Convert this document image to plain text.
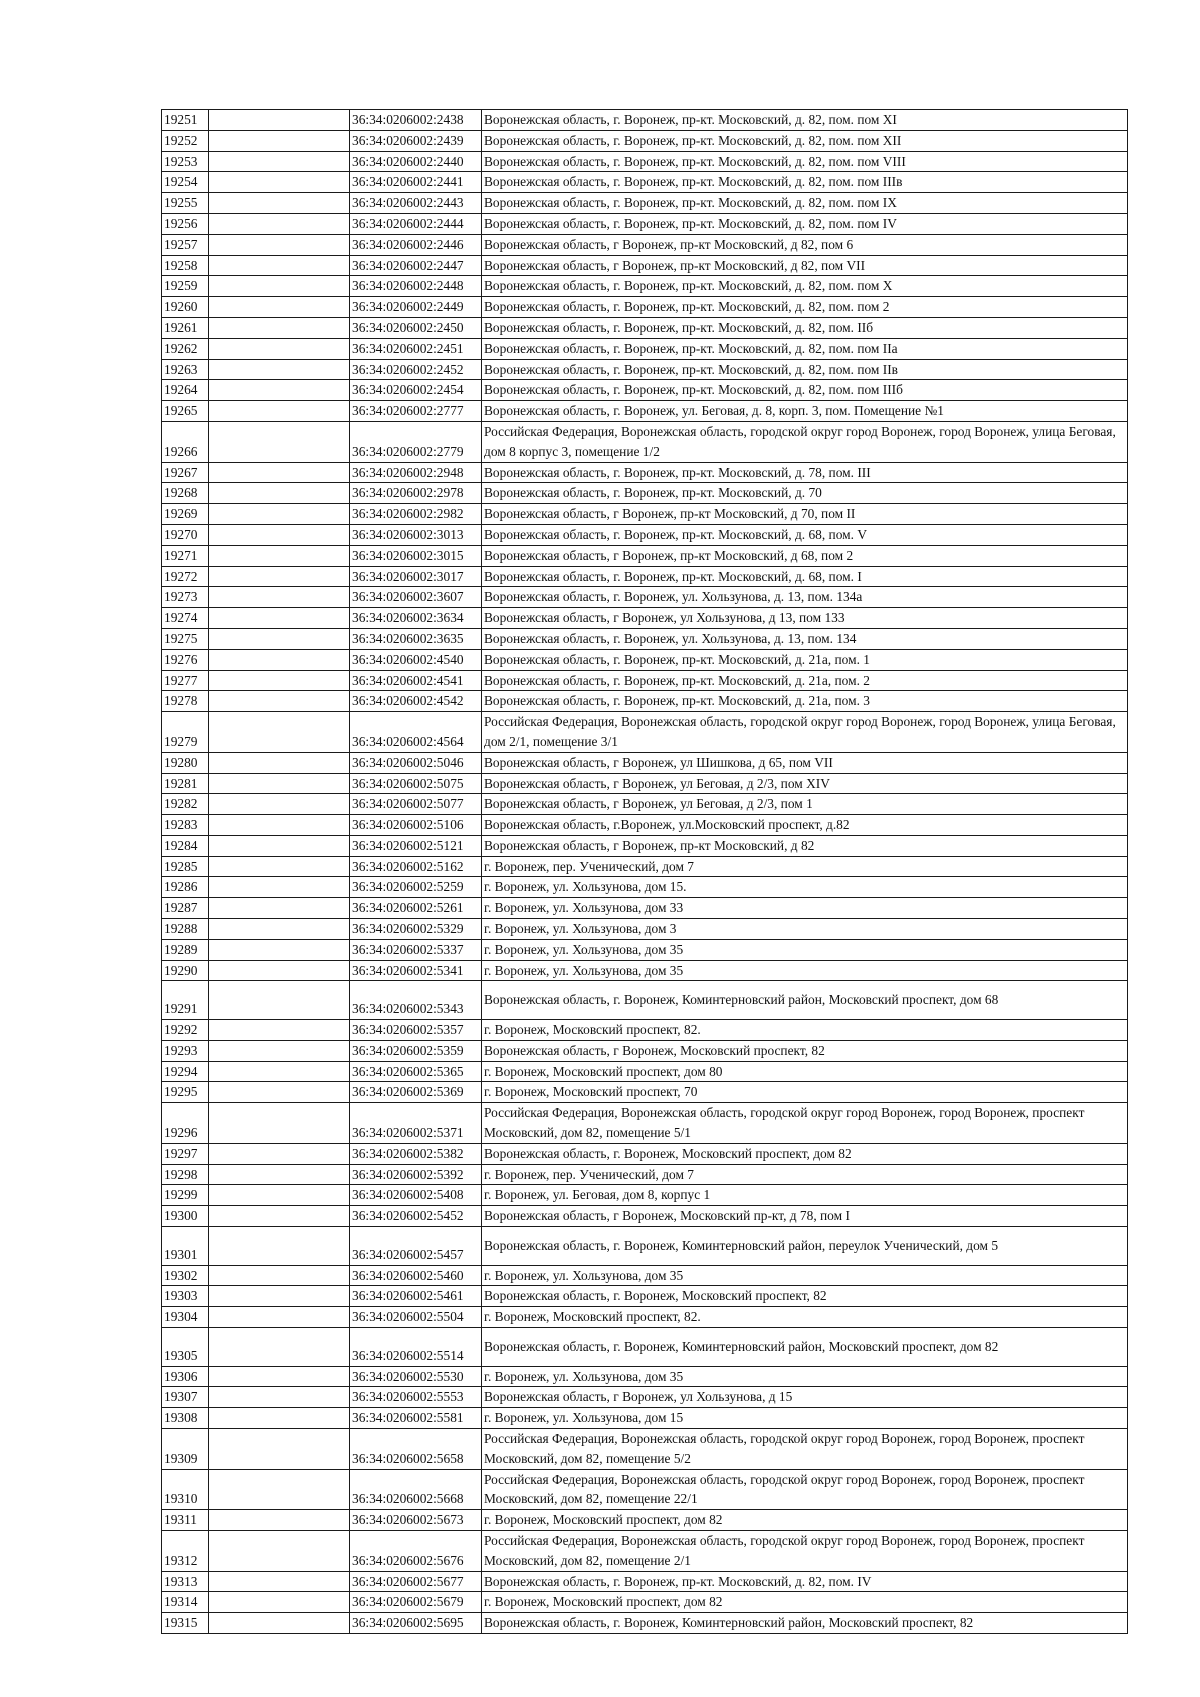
19251		36:34:0206002:2438	Воронежская область, г. Воронеж, пр-кт. Московский, д. 82, пом. пом XI
19252		36:34:0206002:2439	Воронежская область, г. Воронеж, пр-кт. Московский, д. 82, пом. пом XII
19253		36:34:0206002:2440	Воронежская область, г. Воронеж, пр-кт. Московский, д. 82, пом. пом VIII
19254		36:34:0206002:2441	Воронежская область, г. Воронеж, пр-кт. Московский, д. 82, пом. пом IIIв
19255		36:34:0206002:2443	Воронежская область, г. Воронеж, пр-кт. Московский, д. 82, пом. пом IX
19256		36:34:0206002:2444	Воронежская область, г. Воронеж, пр-кт. Московский, д. 82, пом. пом IV
19257		36:34:0206002:2446	Воронежская область, г Воронеж, пр-кт Московский, д 82, пом 6
19258		36:34:0206002:2447	Воронежская область, г Воронеж, пр-кт Московский, д 82, пом VII
19259		36:34:0206002:2448	Воронежская область, г. Воронеж, пр-кт. Московский, д. 82, пом. пом X
19260		36:34:0206002:2449	Воронежская область, г. Воронеж, пр-кт. Московский, д. 82, пом. пом 2
19261		36:34:0206002:2450	Воронежская область, г. Воронеж, пр-кт. Московский, д. 82, пом. IIб
19262		36:34:0206002:2451	Воронежская область, г. Воронеж, пр-кт. Московский, д. 82, пом. пом IIа
19263		36:34:0206002:2452	Воронежская область, г. Воронеж, пр-кт. Московский, д. 82, пом. пом IIв
19264		36:34:0206002:2454	Воронежская область, г. Воронеж, пр-кт. Московский, д. 82, пом. пом IIIб
19265		36:34:0206002:2777	Воронежская область, г. Воронеж, ул. Беговая, д. 8, корп. 3, пом. Помещение №1
19266		36:34:0206002:2779	Российская Федерация, Воронежская область, городской округ город Воронеж, город Воронеж, улица Беговая, дом 8 корпус 3, помещение 1/2
19267		36:34:0206002:2948	Воронежская область, г. Воронеж, пр-кт. Московский, д. 78, пом. III
19268		36:34:0206002:2978	Воронежская область, г. Воронеж, пр-кт. Московский, д. 70
19269		36:34:0206002:2982	Воронежская область, г Воронеж, пр-кт Московский, д 70, пом II
19270		36:34:0206002:3013	Воронежская область, г. Воронеж, пр-кт. Московский, д. 68, пом. V
19271		36:34:0206002:3015	Воронежская область, г Воронеж, пр-кт Московский, д 68, пом 2
19272		36:34:0206002:3017	Воронежская область, г. Воронеж, пр-кт. Московский, д. 68, пом. I
19273		36:34:0206002:3607	Воронежская область, г. Воронеж, ул. Хользунова, д. 13, пом. 134а
19274		36:34:0206002:3634	Воронежская область, г Воронеж, ул Хользунова, д 13, пом 133
19275		36:34:0206002:3635	Воронежская область, г. Воронеж, ул. Хользунова, д. 13, пом. 134
19276		36:34:0206002:4540	Воронежская область, г. Воронеж, пр-кт. Московский, д. 21а, пом. 1
19277		36:34:0206002:4541	Воронежская область, г. Воронеж, пр-кт. Московский, д. 21а, пом. 2
19278		36:34:0206002:4542	Воронежская область, г. Воронеж, пр-кт. Московский, д. 21а, пом. 3
19279		36:34:0206002:4564	Российская Федерация, Воронежская область, городской округ город Воронеж, город Воронеж, улица Беговая, дом 2/1, помещение 3/1
19280		36:34:0206002:5046	Воронежская область, г Воронеж, ул Шишкова, д 65, пом VII
19281		36:34:0206002:5075	Воронежская область, г Воронеж, ул Беговая, д 2/3, пом XIV
19282		36:34:0206002:5077	Воронежская область, г Воронеж, ул Беговая, д 2/3, пом 1
19283		36:34:0206002:5106	Воронежская область, г.Воронеж, ул.Московский проспект, д.82
19284		36:34:0206002:5121	Воронежская область, г Воронеж, пр-кт Московский, д 82
19285		36:34:0206002:5162	г. Воронеж, пер. Ученический, дом 7
19286		36:34:0206002:5259	г. Воронеж, ул. Хользунова, дом 15.
19287		36:34:0206002:5261	г. Воронеж, ул. Хользунова, дом 33
19288		36:34:0206002:5329	г. Воронеж, ул. Хользунова, дом 3
19289		36:34:0206002:5337	г. Воронеж, ул. Хользунова, дом 35
19290		36:34:0206002:5341	г. Воронеж, ул. Хользунова, дом 35
19291		36:34:0206002:5343	Воронежская область, г. Воронеж, Коминтерновский район, Московский проспект, дом 68
19292		36:34:0206002:5357	г. Воронеж, Московский проспект, 82.
19293		36:34:0206002:5359	Воронежская область, г Воронеж, Московский проспект, 82
19294		36:34:0206002:5365	г. Воронеж, Московский проспект, дом 80
19295		36:34:0206002:5369	г. Воронеж, Московский проспект, 70
19296		36:34:0206002:5371	Российская Федерация, Воронежская область, городской округ город Воронеж, город Воронеж, проспект Московский, дом 82, помещение 5/1
19297		36:34:0206002:5382	Воронежская область, г. Воронеж, Московский проспект, дом 82
19298		36:34:0206002:5392	г. Воронеж, пер. Ученический, дом 7
19299		36:34:0206002:5408	г. Воронеж, ул. Беговая, дом 8, корпус 1
19300		36:34:0206002:5452	Воронежская область, г Воронеж, Московский пр-кт, д 78, пом I
19301		36:34:0206002:5457	Воронежская область, г. Воронеж, Коминтерновский район, переулок Ученический, дом 5
19302		36:34:0206002:5460	г. Воронеж, ул. Хользунова, дом 35
19303		36:34:0206002:5461	Воронежская область, г. Воронеж, Московский проспект, 82
19304		36:34:0206002:5504	г. Воронеж, Московский проспект, 82.
19305		36:34:0206002:5514	Воронежская область, г. Воронеж, Коминтерновский район, Московский проспект, дом 82
19306		36:34:0206002:5530	г. Воронеж, ул. Хользунова, дом 35
19307		36:34:0206002:5553	Воронежская область, г Воронеж, ул Хользунова, д 15
19308		36:34:0206002:5581	г. Воронеж, ул. Хользунова, дом 15
19309		36:34:0206002:5658	Российская Федерация, Воронежская область, городской округ город Воронеж, город Воронеж, проспект Московский, дом 82, помещение 5/2
19310		36:34:0206002:5668	Российская Федерация, Воронежская область, городской округ город Воронеж, город Воронеж, проспект Московский, дом 82, помещение 22/1
19311		36:34:0206002:5673	г. Воронеж, Московский проспект, дом 82
19312		36:34:0206002:5676	Российская Федерация, Воронежская область, городской округ город Воронеж, город Воронеж, проспект Московский, дом 82, помещение 2/1
19313		36:34:0206002:5677	Воронежская область, г. Воронеж, пр-кт. Московский, д. 82, пом. IV
19314		36:34:0206002:5679	г. Воронеж, Московский проспект, дом 82
19315		36:34:0206002:5695	Воронежская область, г. Воронеж, Коминтерновский район, Московский проспект, 82
